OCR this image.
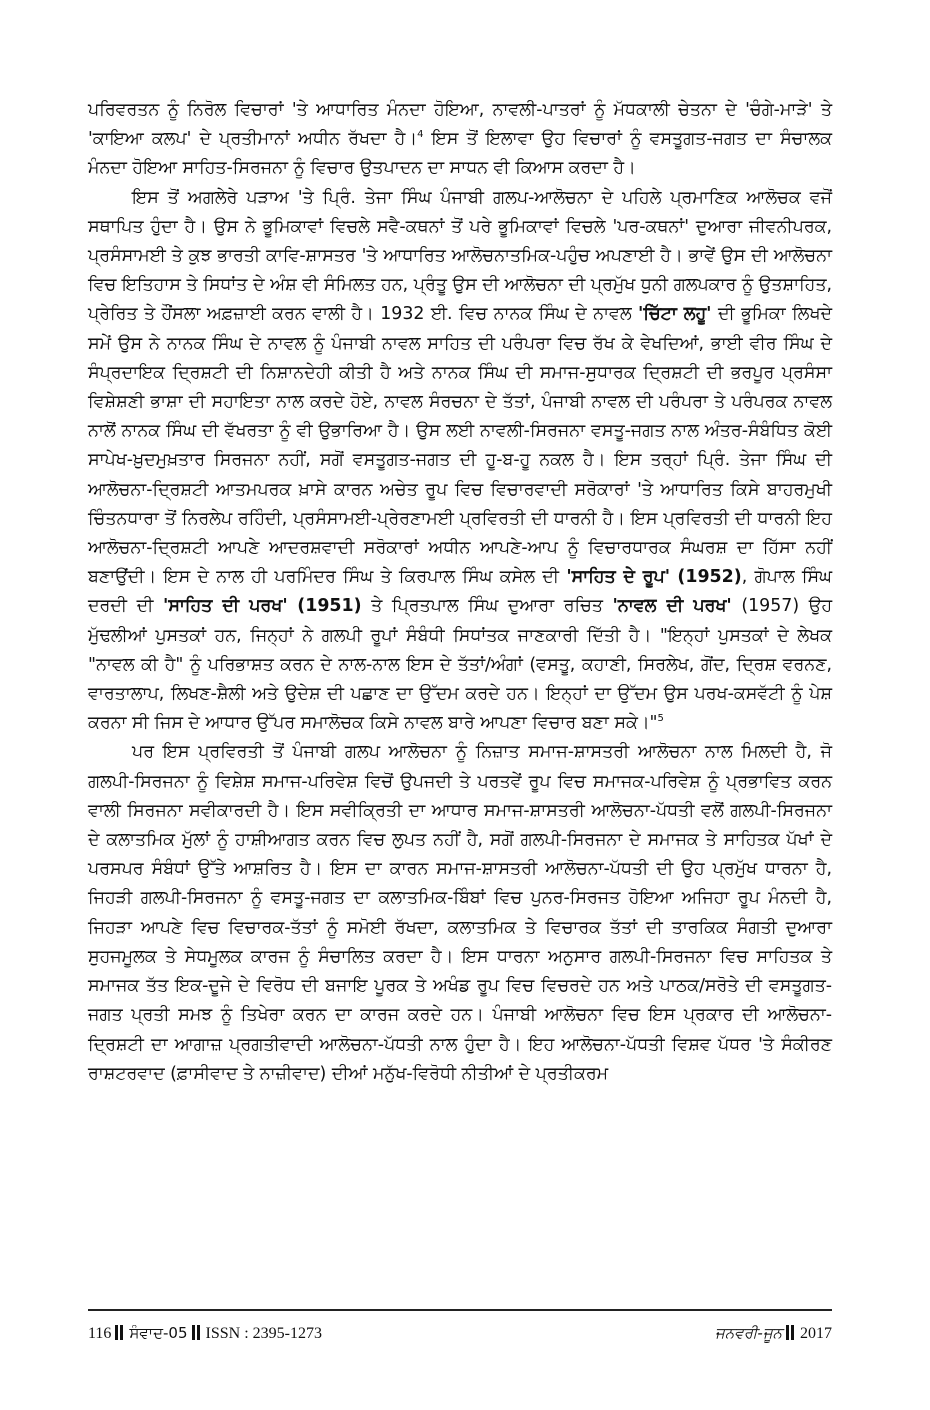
ਪਰਿਵਰਤਨ ਨੂੰ ਨਿਰੋਲ ਵਿਚਾਰਾਂ 'ਤੇ ਆਧਾਰਿਤ ਮੰਨਦਾ ਹੋਇਆ, ਨਾਵਲੀ-ਪਾਤਰਾਂ ਨੂੰ ਮੱਧਕਾਲੀ ਚੇਤਨਾ ਦੇ 'ਚੰਗੇ-ਮਾੜੇ' ਤੇ 'ਕਾਇਆ ਕਲਪ' ਦੇ ਪ੍ਰਤੀਮਾਨਾਂ ਅਧੀਨ ਰੱਖਦਾ ਹੈ।$^4$ ਇਸ ਤੋਂ ਇਲਾਵਾ ਉਹ ਵਿਚਾਰਾਂ ਨੂੰ ਵਸਤੂਗਤ-ਜਗਤ ਦਾ ਸੰਚਾਲਕ ਮੰਨਦਾ ਹੋਇਆ ਸਾਹਿਤ-ਸਿਰਜਨਾ ਨੂੰ ਵਿਚਾਰ ਉਤਪਾਦਨ ਦਾ ਸਾਧਨ ਵੀ ਕਿਆਸ ਕਰਦਾ ਹੈ।

ਇਸ ਤੋਂ ਅਗਲੇਰੇ ਪੜਾਅ 'ਤੇ ਪ੍ਰਿੰ. ਤੇਜਾ ਸਿੰਘ ਪੰਜਾਬੀ ਗਲਪ-ਆਲੋਚਨਾ ਦੇ ਪਹਿਲੇ ਪ੍ਰਮਾਣਿਕ ਆਲੋਚਕ ਵਜੋਂ ਸਥਾਪਿਤ ਹੁੰਦਾ ਹੈ। ਉਸ ਨੇ ਭੂਮਿਕਾਵਾਂ ਵਿਚਲੇ ਸਵੈ-ਕਥਨਾਂ ਤੋਂ ਪਰੇ ਭੂਮਿਕਾਵਾਂ ਵਿਚਲੇ 'ਪਰ-ਕਥਨਾਂ' ਦੁਆਰਾ ਜੀਵਨੀਪਰਕ, ਪ੍ਰਸੰਸਾਮਈ ਤੇ ਕੁਝ ਭਾਰਤੀ ਕਾਵਿ-ਸ਼ਾਸਤਰ 'ਤੇ ਆਧਾਰਿਤ ਆਲੋਚਨਾਤਮਿਕ-ਪਹੁੰਚ ਅਪਣਾਈ ਹੈ। ਭਾਵੇਂ ਉਸ ਦੀ ਆਲੋਚਨਾ ਵਿਚ ਇਤਿਹਾਸ ਤੇ ਸਿਧਾਂਤ ਦੇ ਅੰਸ਼ ਵੀ ਸੰਮਿਲਤ ਹਨ, ਪ੍ਰੰਤੂ ਉਸ ਦੀ ਆਲੋਚਨਾ ਦੀ ਪ੍ਰਮੁੱਖ ਧੁਨੀ ਗਲਪਕਾਰ ਨੂੰ ਉਤਸ਼ਾਹਿਤ, ਪ੍ਰੇਰਿਤ ਤੇ ਹੌਂਸਲਾ ਅਫ਼ਜ਼ਾਈ ਕਰਨ ਵਾਲੀ ਹੈ। 1932 ਈ. ਵਿਚ ਨਾਨਕ ਸਿੰਘ ਦੇ ਨਾਵਲ 'ਚਿੱਟਾ ਲਹੂ' ਦੀ ਭੂਮਿਕਾ ਲਿਖਦੇ ਸਮੇਂ ਉਸ ਨੇ ਨਾਨਕ ਸਿੰਘ ਦੇ ਨਾਵਲ ਨੂੰ ਪੰਜਾਬੀ ਨਾਵਲ ਸਾਹਿਤ ਦੀ ਪਰੰਪਰਾ ਵਿਚ ਰੱਖ ਕੇ ਵੇਖਦਿਆਂ, ਭਾਈ ਵੀਰ ਸਿੰਘ ਦੇ ਸੰਪ੍ਰਦਾਇਕ ਦ੍ਰਿਸ਼ਟੀ ਦੀ ਨਿਸ਼ਾਨਦੇਹੀ ਕੀਤੀ ਹੈ ਅਤੇ ਨਾਨਕ ਸਿੰਘ ਦੀ ਸਮਾਜ-ਸੁਧਾਰਕ ਦ੍ਰਿਸ਼ਟੀ ਦੀ ਭਰਪੂਰ ਪ੍ਰਸੰਸਾ ਵਿਸ਼ੇਸ਼ਣੀ ਭਾਸ਼ਾ ਦੀ ਸਹਾਇਤਾ ਨਾਲ ਕਰਦੇ ਹੋਏ, ਨਾਵਲ ਸੰਰਚਨਾ ਦੇ ਤੱਤਾਂ, ਪੰਜਾਬੀ ਨਾਵਲ ਦੀ ਪਰੰਪਰਾ ਤੇ ਪਰੰਪਰਕ ਨਾਵਲ ਨਾਲੋਂ ਨਾਨਕ ਸਿੰਘ ਦੀ ਵੱਖਰਤਾ ਨੂੰ ਵੀ ਉਭਾਰਿਆ ਹੈ। ਉਸ ਲਈ ਨਾਵਲੀ-ਸਿਰਜਨਾ ਵਸਤੂ-ਜਗਤ ਨਾਲ ਅੰਤਰ-ਸੰਬੰਧਿਤ ਕੋਈ ਸਾਪੇਖ-ਖ਼ੁਦਮੁਖ਼ਤਾਰ ਸਿਰਜਨਾ ਨਹੀਂ, ਸਗੋਂ ਵਸਤੂਗਤ-ਜਗਤ ਦੀ ਹੂ-ਬ-ਹੂ ਨਕਲ ਹੈ। ਇਸ ਤਰ੍ਹਾਂ ਪ੍ਰਿੰ. ਤੇਜਾ ਸਿੰਘ ਦੀ ਆਲੋਚਨਾ-ਦ੍ਰਿਸ਼ਟੀ ਆਤਮਪਰਕ ਖ਼ਾਸੇ ਕਾਰਨ ਅਚੇਤ ਰੂਪ ਵਿਚ ਵਿਚਾਰਵਾਦੀ ਸਰੋਕਾਰਾਂ 'ਤੇ ਆਧਾਰਿਤ ਕਿਸੇ ਬਾਹਰਮੁਖੀ ਚਿੰਤਨਧਾਰਾ ਤੋਂ ਨਿਰਲੇਪ ਰਹਿੰਦੀ, ਪ੍ਰਸੰਸਾਮਈ-ਪ੍ਰੇਰਣਾਮਈ ਪ੍ਰਵਿਰਤੀ ਦੀ ਧਾਰਨੀ ਹੈ। ਇਸ ਪ੍ਰਵਿਰਤੀ ਦੀ ਧਾਰਨੀ ਇਹ ਆਲੋਚਨਾ-ਦ੍ਰਿਸ਼ਟੀ ਆਪਣੇ ਆਦਰਸ਼ਵਾਦੀ ਸਰੋਕਾਰਾਂ ਅਧੀਨ ਆਪਣੇ-ਆਪ ਨੂੰ ਵਿਚਾਰਧਾਰਕ ਸੰਘਰਸ਼ ਦਾ ਹਿੱਸਾ ਨਹੀਂ ਬਣਾਉਂਦੀ। ਇਸ ਦੇ ਨਾਲ ਹੀ ਪਰਮਿੰਦਰ ਸਿੰਘ ਤੇ ਕਿਰਪਾਲ ਸਿੰਘ ਕਸੇਲ ਦੀ 'ਸਾਹਿਤ ਦੇ ਰੂਪ' (1952), ਗੋਪਾਲ ਸਿੰਘ ਦਰਦੀ ਦੀ 'ਸਾਹਿਤ ਦੀ ਪਰਖ' (1951) ਤੇ ਪ੍ਰਿਤਪਾਲ ਸਿੰਘ ਦੁਆਰਾ ਰਚਿਤ 'ਨਾਵਲ ਦੀ ਪਰਖ' (1957) ਉਹ ਮੁੱਢਲੀਆਂ ਪੁਸਤਕਾਂ ਹਨ, ਜਿਨ੍ਹਾਂ ਨੇ ਗਲਪੀ ਰੂਪਾਂ ਸੰਬੰਧੀ ਸਿਧਾਂਤਕ ਜਾਣਕਾਰੀ ਦਿੱਤੀ ਹੈ। "ਇਨ੍ਹਾਂ ਪੁਸਤਕਾਂ ਦੇ ਲੇਖਕ "ਨਾਵਲ ਕੀ ਹੈ" ਨੂੰ ਪਰਿਭਾਸ਼ਤ ਕਰਨ ਦੇ ਨਾਲ-ਨਾਲ ਇਸ ਦੇ ਤੱਤਾਂ/ਅੰਗਾਂ (ਵਸਤੂ, ਕਹਾਣੀ, ਸਿਰਲੇਖ, ਗੋਂਦ, ਦ੍ਰਿਸ਼ ਵਰਨਣ, ਵਾਰਤਾਲਾਪ, ਲਿਖਣ-ਸ਼ੈਲੀ ਅਤੇ ਉਦੇਸ਼ ਦੀ ਪਛਾਣ ਦਾ ਉੱਦਮ ਕਰਦੇ ਹਨ। ਇਨ੍ਹਾਂ ਦਾ ਉੱਦਮ ਉਸ ਪਰਖ-ਕਸਵੱਟੀ ਨੂੰ ਪੇਸ਼ ਕਰਨਾ ਸੀ ਜਿਸ ਦੇ ਆਧਾਰ ਉੱਪਰ ਸਮਾਲੋਚਕ ਕਿਸੇ ਨਾਵਲ ਬਾਰੇ ਆਪਣਾ ਵਿਚਾਰ ਬਣਾ ਸਕੇ।"$^5$

ਪਰ ਇਸ ਪ੍ਰਵਿਰਤੀ ਤੋਂ ਪੰਜਾਬੀ ਗਲਪ ਆਲੋਚਨਾ ਨੂੰ ਨਿਜ਼ਾਤ ਸਮਾਜ-ਸ਼ਾਸਤਰੀ ਆਲੋਚਨਾ ਨਾਲ ਮਿਲਦੀ ਹੈ, ਜੋ ਗਲਪੀ-ਸਿਰਜਨਾ ਨੂੰ ਵਿਸ਼ੇਸ਼ ਸਮਾਜ-ਪਰਿਵੇਸ਼ ਵਿਚੋਂ ਉਪਜਦੀ ਤੇ ਪਰਤਵੇਂ ਰੂਪ ਵਿਚ ਸਮਾਜਕ-ਪਰਿਵੇਸ਼ ਨੂੰ ਪ੍ਰਭਾਵਿਤ ਕਰਨ ਵਾਲੀ ਸਿਰਜਨਾ ਸਵੀਕਾਰਦੀ ਹੈ। ਇਸ ਸਵੀਕ੍ਰਿਤੀ ਦਾ ਆਧਾਰ ਸਮਾਜ-ਸ਼ਾਸਤਰੀ ਆਲੋਚਨਾ-ਪੱਧਤੀ ਵਲੋਂ ਗਲਪੀ-ਸਿਰਜਨਾ ਦੇ ਕਲਾਤਮਿਕ ਮੁੱਲਾਂ ਨੂੰ ਹਾਸ਼ੀਆਗਤ ਕਰਨ ਵਿਚ ਲੁਪਤ ਨਹੀਂ ਹੈ, ਸਗੋਂ ਗਲਪੀ-ਸਿਰਜਨਾ ਦੇ ਸਮਾਜਕ ਤੇ ਸਾਹਿਤਕ ਪੱਖਾਂ ਦੇ ਪਰਸਪਰ ਸੰਬੰਧਾਂ ਉੱਤੇ ਆਸ਼ਰਿਤ ਹੈ। ਇਸ ਦਾ ਕਾਰਨ ਸਮਾਜ-ਸ਼ਾਸਤਰੀ ਆਲੋਚਨਾ-ਪੱਧਤੀ ਦੀ ਉਹ ਪ੍ਰਮੁੱਖ ਧਾਰਨਾ ਹੈ, ਜਿਹੜੀ ਗਲਪੀ-ਸਿਰਜਨਾ ਨੂੰ ਵਸਤੂ-ਜਗਤ ਦਾ ਕਲਾਤਮਿਕ-ਬਿੰਬਾਂ ਵਿਚ ਪੁਨਰ-ਸਿਰਜਤ ਹੋਇਆ ਅਜਿਹਾ ਰੂਪ ਮੰਨਦੀ ਹੈ, ਜਿਹੜਾ ਆਪਣੇ ਵਿਚ ਵਿਚਾਰਕ-ਤੱਤਾਂ ਨੂੰ ਸਮੋਈ ਰੱਖਦਾ, ਕਲਾਤਮਿਕ ਤੇ ਵਿਚਾਰਕ ਤੱਤਾਂ ਦੀ ਤਾਰਕਿਕ ਸੰਗਤੀ ਦੁਆਰਾ ਸੁਹਜਮੂਲਕ ਤੇ ਸੇਧਮੂਲਕ ਕਾਰਜ ਨੂੰ ਸੰਚਾਲਿਤ ਕਰਦਾ ਹੈ। ਇਸ ਧਾਰਨਾ ਅਨੁਸਾਰ ਗਲਪੀ-ਸਿਰਜਨਾ ਵਿਚ ਸਾਹਿਤਕ ਤੇ ਸਮਾਜਕ ਤੱਤ ਇਕ-ਦੂਜੇ ਦੇ ਵਿਰੋਧ ਦੀ ਬਜਾਇ ਪੂਰਕ ਤੇ ਅਖੰਡ ਰੂਪ ਵਿਚ ਵਿਚਰਦੇ ਹਨ ਅਤੇ ਪਾਠਕ/ਸਰੋਤੇ ਦੀ ਵਸਤੂਗਤ-ਜਗਤ ਪ੍ਰਤੀ ਸਮਝ ਨੂੰ ਤਿਖੇਰਾ ਕਰਨ ਦਾ ਕਾਰਜ ਕਰਦੇ ਹਨ। ਪੰਜਾਬੀ ਆਲੋਚਨਾ ਵਿਚ ਇਸ ਪ੍ਰਕਾਰ ਦੀ ਆਲੋਚਨਾ-ਦ੍ਰਿਸ਼ਟੀ ਦਾ ਆਗਾਜ਼ ਪ੍ਰਗਤੀਵਾਦੀ ਆਲੋਚਨਾ-ਪੱਧਤੀ ਨਾਲ ਹੁੰਦਾ ਹੈ। ਇਹ ਆਲੋਚਨਾ-ਪੱਧਤੀ ਵਿਸ਼ਵ ਪੱਧਰ 'ਤੇ ਸੰਕੀਰਣ ਰਾਸ਼ਟਰਵਾਦ (ਫ਼ਾਸੀਵਾਦ ਤੇ ਨਾਜ਼ੀਵਾਦ) ਦੀਆਂ ਮਨੁੱਖ-ਵਿਰੋਧੀ ਨੀਤੀਆਂ ਦੇ ਪ੍ਰਤੀਕਰਮ

116 ਸੰਵਾਦ-05 ISSN : 2395-1273	ਜਨਵਰੀ-ਜੂਨ 2017
